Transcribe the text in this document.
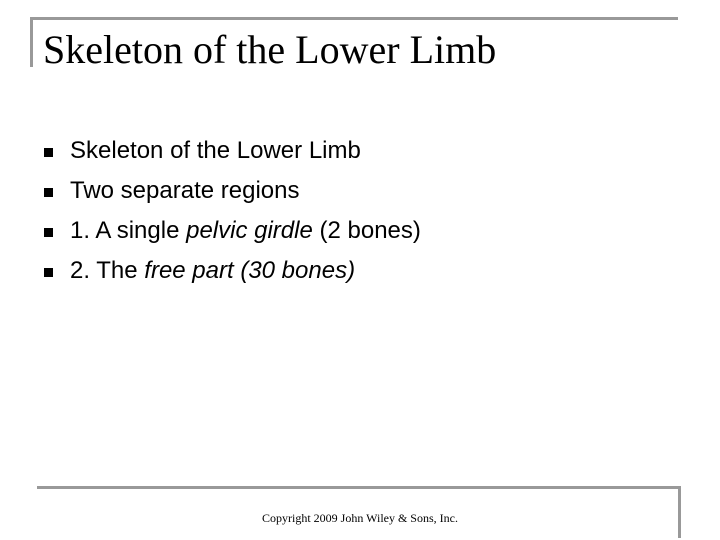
Skeleton of the Lower Limb
Skeleton of the Lower Limb
Two separate regions
1. A single pelvic girdle (2 bones)
2. The free part (30 bones)
Copyright 2009 John Wiley & Sons, Inc.
